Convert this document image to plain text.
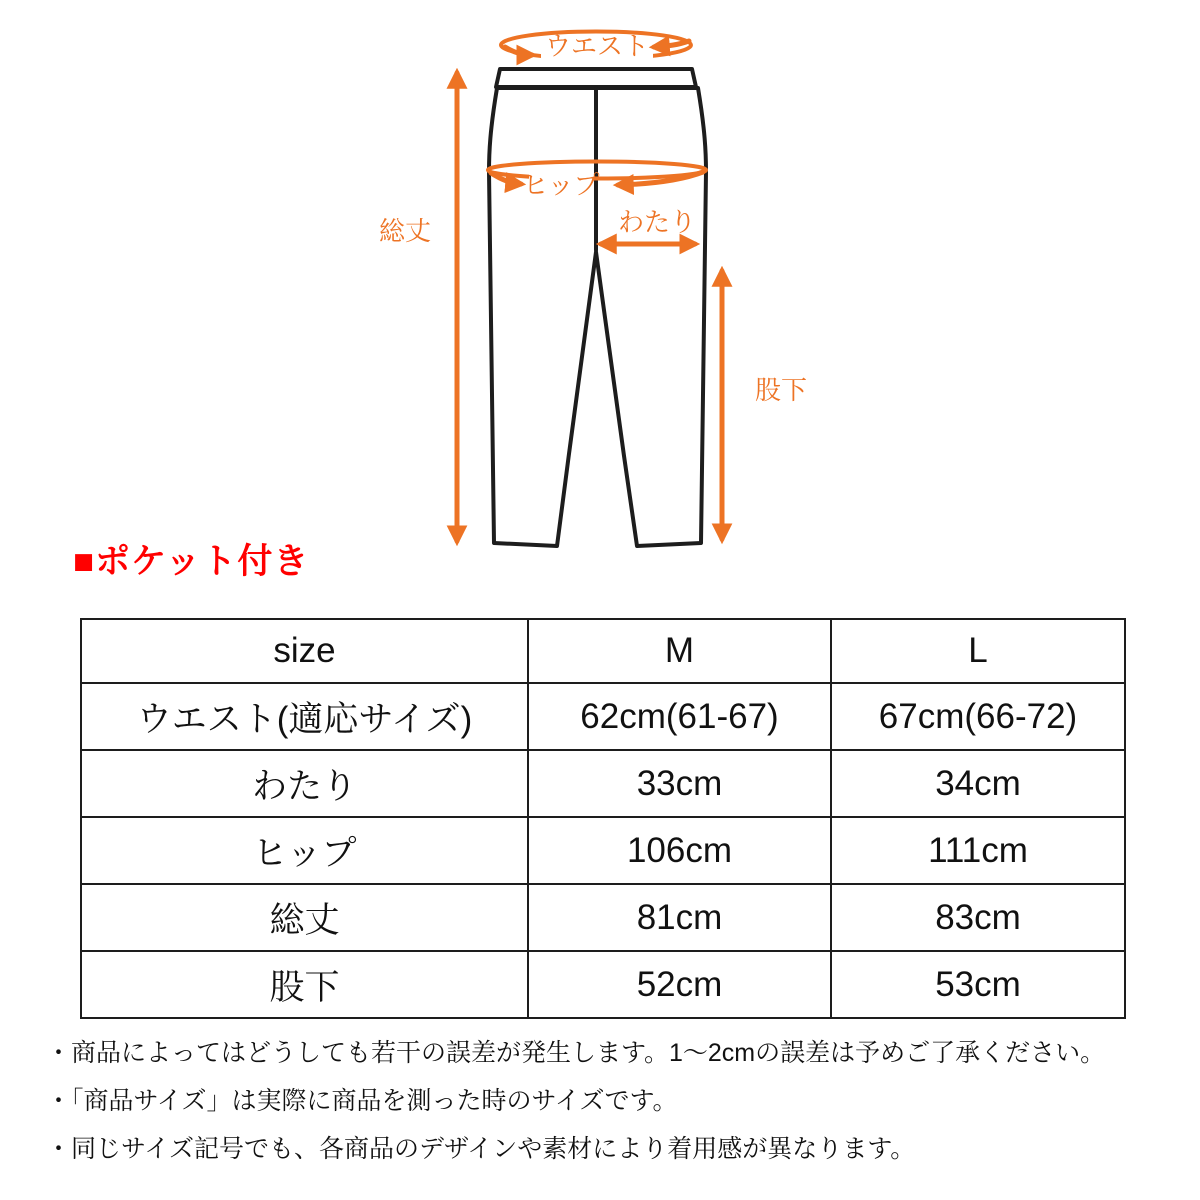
ウエスト
ヒップ
わたり
総丈
股下
■ポケット付き
size	M	L
ウエスト(適応サイズ)	62cm(61-67)	67cm(66-72)
わたり	33cm	34cm
ヒップ	106cm	111cm
総丈	81cm	83cm
股下	52cm	53cm
・商品によってはどうしても若干の誤差が発生します。1〜2cmの誤差は予めご了承ください。
・「商品サイズ」は実際に商品を測った時のサイズです。
・同じサイズ記号でも、各商品のデザインや素材により着用感が異なります。
